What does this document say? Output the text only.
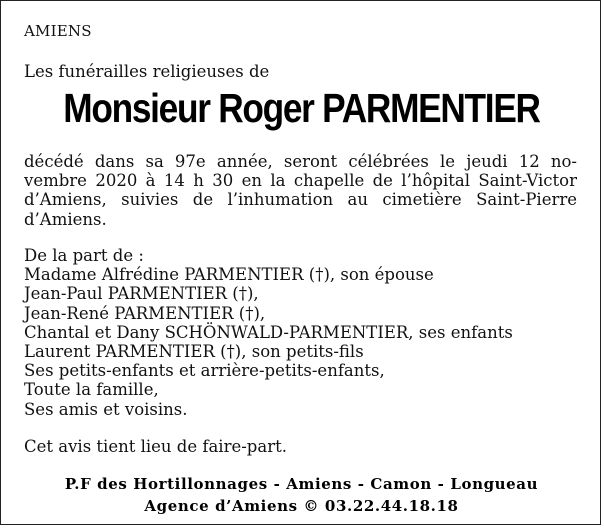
AMIENS
Les funérailles religieuses de
Monsieur Roger PARMENTIER
décédé dans sa 97e année, seront célébrées le jeudi 12 no-
vembre 2020 à 14 h 30 en la chapelle de l’hôpital Saint-Victor
d’Amiens, suivies de l’inhumation au cimetière Saint-Pierre
d’Amiens.
De la part de :
Madame Alfrédine PARMENTIER (†), son épouse
Jean-Paul PARMENTIER (†),
Jean-René PARMENTIER (†),
Chantal et Dany SCHÖNWALD-PARMENTIER, ses enfants
Laurent PARMENTIER (†), son petits-fils
Ses petits-enfants et arrière-petits-enfants,
Toute la famille,
Ses amis et voisins.
Cet avis tient lieu de faire-part.
P.F des Hortillonnages - Amiens - Camon - Longueau
Agence d’Amiens © 03.22.44.18.18
